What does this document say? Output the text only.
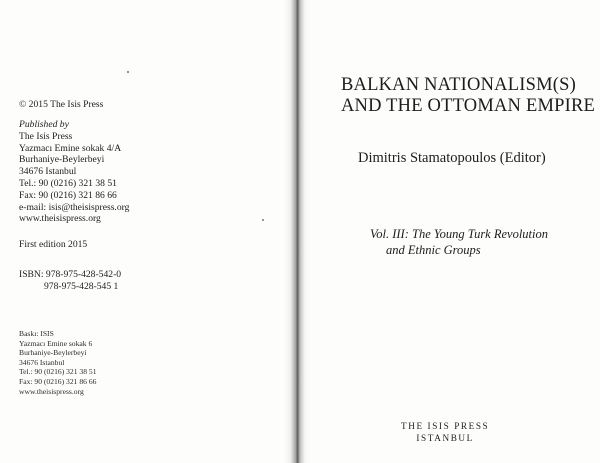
© 2015 The Isis Press
Published by
The Isis Press
Yazmacı Emine sokak 4/A
Burhaniye-Beylerbeyi
34676 Istanbul
Tel.: 90 (0216) 321 38 51
Fax: 90 (0216) 321 86 66
e-mail: isis@theisispress.org
www.theisispress.org
First edition 2015
ISBN: 978-975-428-542-0
978-975-428-545 1
Baskı: ISIS
Yazmacı Emine sokak 6
Burhaniye-Beylerbeyi
34676 Istanbul
Tel.: 90 (0216) 321 38 51
Fax: 90 (0216) 321 86 66
www.theisispress.org
BALKAN NATIONALISM(S)
AND THE OTTOMAN EMPIRE
Dimitris Stamatopoulos (Editor)
Vol. III: The Young Turk Revolution
and Ethnic Groups
THE ISIS PRESS
ISTANBUL
